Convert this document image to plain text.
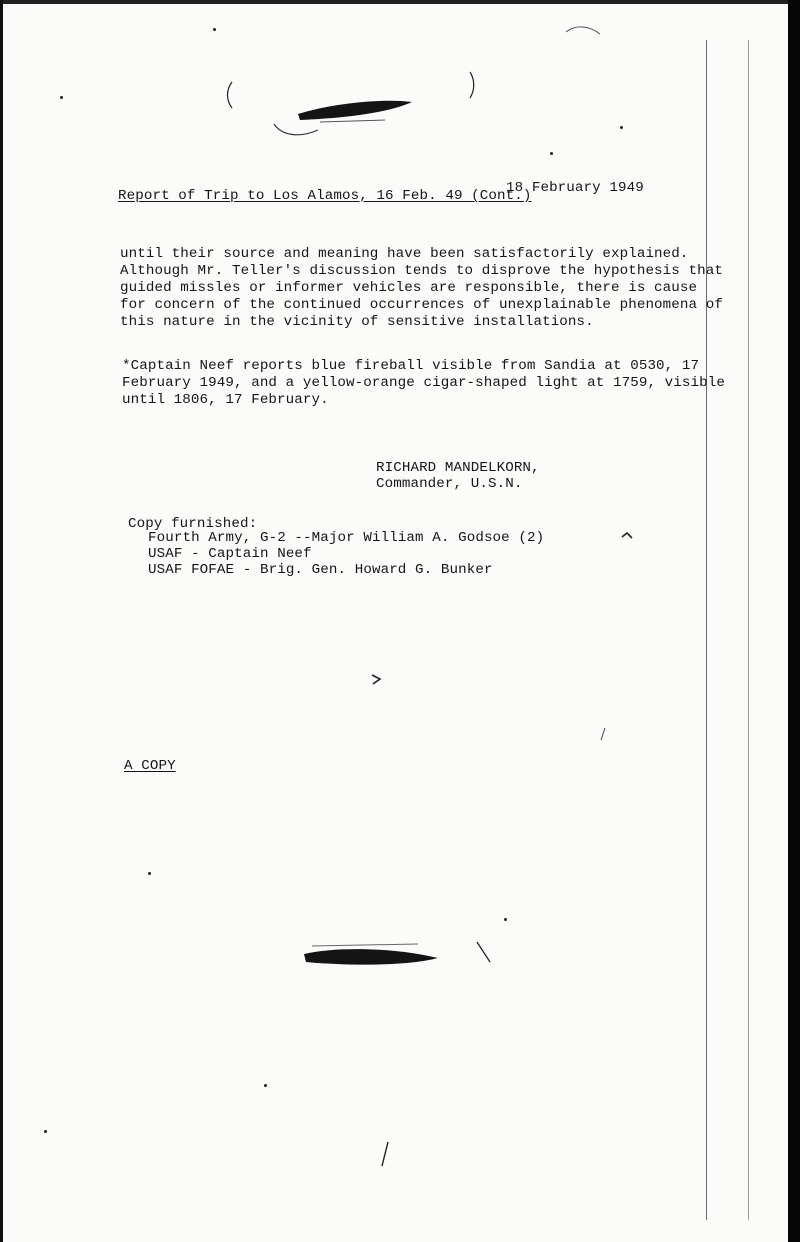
Report of Trip to Los Alamos, 16 Feb. 49 (Cont.)
18 February 1949
until their source and meaning have been satisfactorily explained.
Although Mr. Teller's discussion tends to disprove the hypothesis that
guided missles or informer vehicles are responsible, there is cause
for concern of the continued occurrences of unexplainable phenomena of
this nature in the vicinity of sensitive installations.
*Captain Neef reports blue fireball visible from Sandia at 0530, 17
February 1949, and a yellow-orange cigar-shaped light at 1759, visible
until 1806, 17 February.
RICHARD MANDELKORN,
Commander, U.S.N.
Copy furnished:
Fourth Army, G-2 --Major William A. Godsoe (2)
USAF - Captain Neef
USAF FOFAE - Brig. Gen. Howard G. Bunker
A COPY
